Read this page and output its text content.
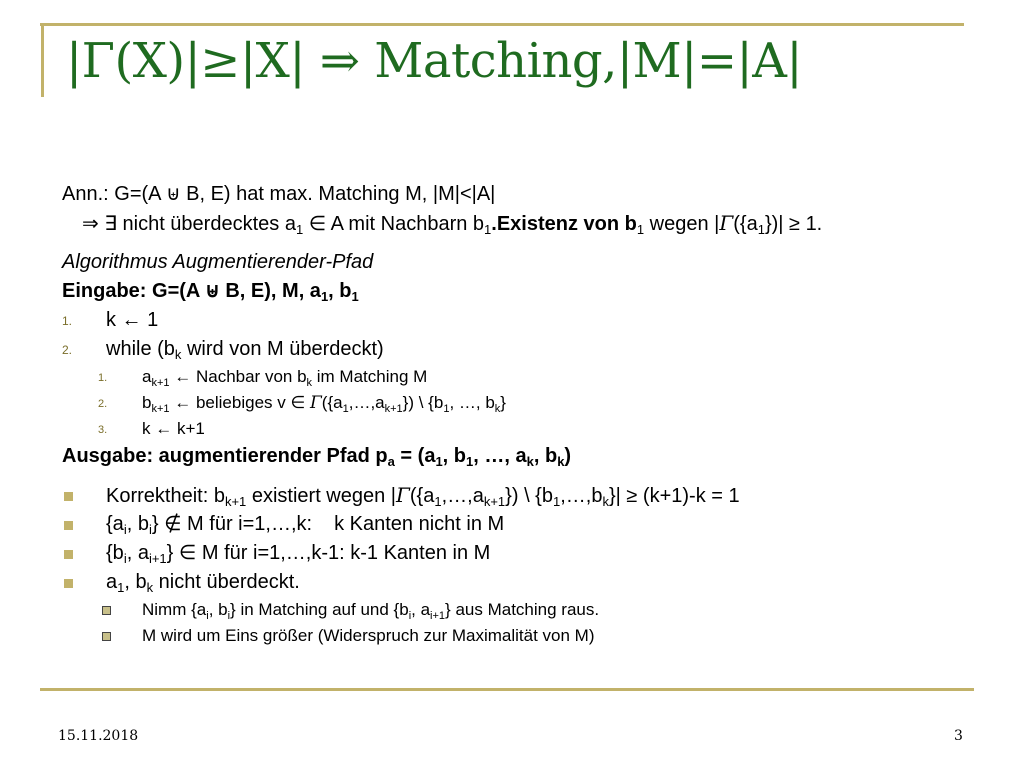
|Γ(X)|≥|X| ⇒ Matching,|M|=|A|
Ann.: G=(A ⊎ B, E) hat max. Matching M, |M|<|A|
⇒ ∃ nicht überdecktes $a_1$ ∈ A mit Nachbarn $b_1.Existenz$ von $b_1$ wegen $|\Gamma(\{a_1\})| \ge 1$.
Algorithmus Augmentierender-Pfad
Eingabe: G=(A ⊎ B, E), M, $a_1$, $b_1$
1. k ← 1
2. while ($b_k$ wird von M überdeckt)
1. $a_{k+1}$ ← Nachbar von $b_k$ im Matching M
2. $b_{k+1}$ ← beliebiges v ∈ $\Gamma(\{a_1,\dots,a_{k+1}\})$ \ {$b_1$, …, $b_k$}
3. k ← k+1
Ausgabe: augmentierender Pfad $p_a = (a_1$, $b_1$, …, $a_k$, $b_k$)
Korrektheit: $b_{k+1}$ existiert wegen $|\Gamma(\{a_1,\dots,a_{k+1}\})$ \ $\{b_1,\dots,b_k\}| \ge (k+1)-k = 1$
{$a_i$, $b_i$} ∉ M für i=1,…,k: k Kanten nicht in M
{$b_i$, $a_{i+1}$} ∈ M für i=1,…,k-1: k-1 Kanten in M
$a_1$, $b_k$ nicht überdeckt.
Nimm {$a_i$, $b_i$} in Matching auf und {$b_i$, $a_{i+1}$} aus Matching raus.
M wird um Eins größer (Widerspruch zur Maximalität von M)
15.11.2018	3
